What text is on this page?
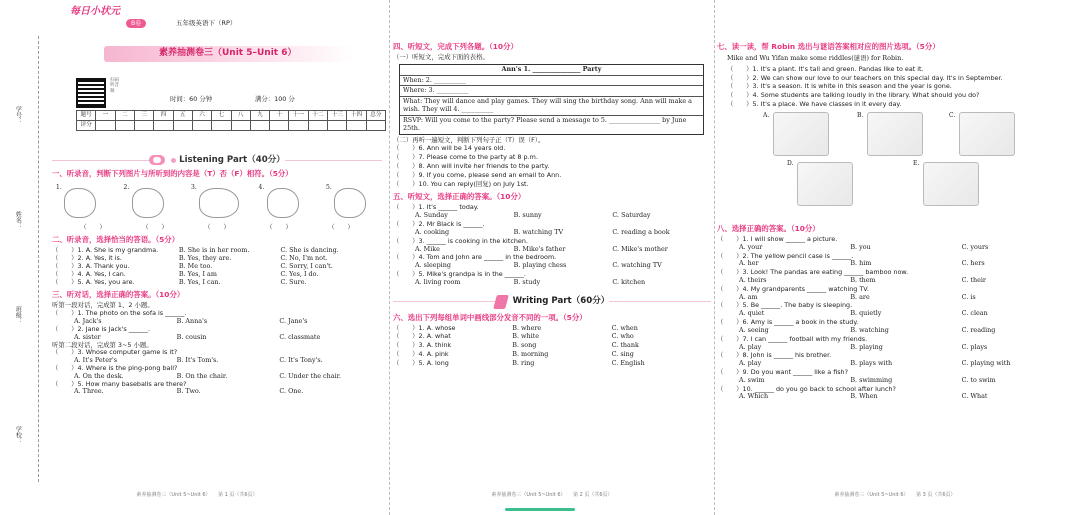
学号：
姓名：
班级：
学校：
每日小状元
B卷	五年级英语下（RP）
素养抽测卷三（Unit 5–Unit 6）
扫码听音频
时间：60 分钟	满分：100 分
题号	一	二	三	四	五	六	七	八	九	十	十一	十二	十三	十四	总分
评分															
Listening Part（40分）
一、听录音，判断下列图片与所听到的内容是（T）否（F）相符。（5分）
1.	2.	3.	4.	5.
（　　）	（　　）	（　　）	（　　）	（　　）
二、听录音，选择恰当的答语。（5分）
（　　）1. A. She is my grandma.	B. She is in her room.	C. She is dancing.
（　　）2. A. Yes, it is.	B. Yes, they are.	C. No, I'm not.
（　　）3. A. Thank you.	B. Me too.	C. Sorry, I can't.
（　　）4. A. Yes, I can.	B. Yes, I am	C. Yes, I do.
（　　）5. A. Yes, you are.	B. Yes, I can.	C. Sure.
三、听对话，选择正确的答案。（10分）
听第一段对话，完成第 1、2 小题。
（　　）1. The photo on the sofa is ______.
A. Jack's	B. Anna's	C. Jane's
（　　）2. Jane is Jack's ______.
A. sister	B. cousin	C. classmate
听第二段对话，完成第 3~5 小题。
（　　）3. Whose computer game is it?
A. It's Peter's	B. It's Tom's.	C. It's Tony's.
（　　）4. Where is the ping-pong ball?
A. On the desk.	B. On the chair.	C. Under the chair.
（　　）5. How many baseballs are there?
A. Three.	B. Two.	C. One.
素养抽测卷三（Unit 5~Unit 6）　　第 1 页（共6页）
四、听短文，完成下列各题。（10分）
（一）听短文，完成下面的表格。
Ann's 1. _______________ Party
When: 2. __________
Where: 3. __________
What: They will dance and play games. They will sing the birthday song. Ann will make a wish. They will 4. __________
RSVP: Will you come to the party? Please send a message to 5. ________________ by June 25th.
（二）再听一遍短文，判断下列句子正（T）误（F）。
（　　）6. Ann will be 14 years old.
（　　）7. Please come to the party at 8 p.m.
（　　）8. Ann will invite her friends to the party.
（　　）9. If you come, please send an email to Ann.
（　　）10. You can reply(回复) on July 1st.
五、听短文，选择正确的答案。（10分）
（　　）1. It's ______ today.
A. Sunday	B. sunny	C. Saturday
（　　）2. Mr Black is ______.
A. cooking	B. watching TV	C. reading a book
（　　）3. ______ is cooking in the kitchen.
A. Mike	B. Mike's father	C. Mike's mother
（　　）4. Tom and John are ______ in the bedroom.
A. sleeping	B. playing chess	C. watching TV
（　　）5. Mike's grandpa is in the ______.
A. living room	B. study	C. kitchen
Writing Part（60分）
六、选出下列每组单词中画线部分发音不同的一项。（5分）
（　　）1. A. whose	B. where	C. when
（　　）2. A. what	B. white	C. who
（　　）3. A. think	B. song	C. thank
（　　）4. A. pink	B. morning	C. sing
（　　）5. A. long	B. ring	C. English
素养抽测卷三（Unit 5~Unit 6）　　第 2 页（共6页）
七、读一读，帮 Robin 选出与谜语答案相对应的图片选项。（5分）
Mike and Wu Yifan make some riddles(谜语) for Robin.
（　　）1. It's a plant. It's tall and green. Pandas like to eat it.
（　　）2. We can show our love to our teachers on this special day. It's in September.
（　　）3. It's a season. It is white in this season and the year is gone.
（　　）4. Some students are talking loudly in the library. What should you do?
（　　）5. It's a place. We have classes in it every day.
A.	B.	C.
D.	E.
八、选择正确的答案。（10分）
（　　）1. I will show ______ a picture.
A. your	B. you	C. yours
（　　）2. The yellow pencil case is ______.
A. her	B. him	C. hers
（　　）3. Look! The pandas are eating ______ bamboo now.
A. theirs	B. them	C. their
（　　）4. My grandparents ______ watching TV.
A. am	B. are	C. is
（　　）5. Be ______. The baby is sleeping.
A. quiet	B. quietly	C. clean
（　　）6. Amy is ______ a book in the study.
A. seeing	B. watching	C. reading
（　　）7. I can ______ football with my friends.
A. play	B. playing	C. plays
（　　）8. John is ______ his brother.
A. play	B. plays with	C. playing with
（　　）9. Do you want ______ like a fish?
A. swim	B. swimming	C. to swim
（　　）10. ______ do you go back to school after lunch?
A. Which	B. When	C. What
素养抽测卷三（Unit 5~Unit 6）　　第 3 页（共6页）
